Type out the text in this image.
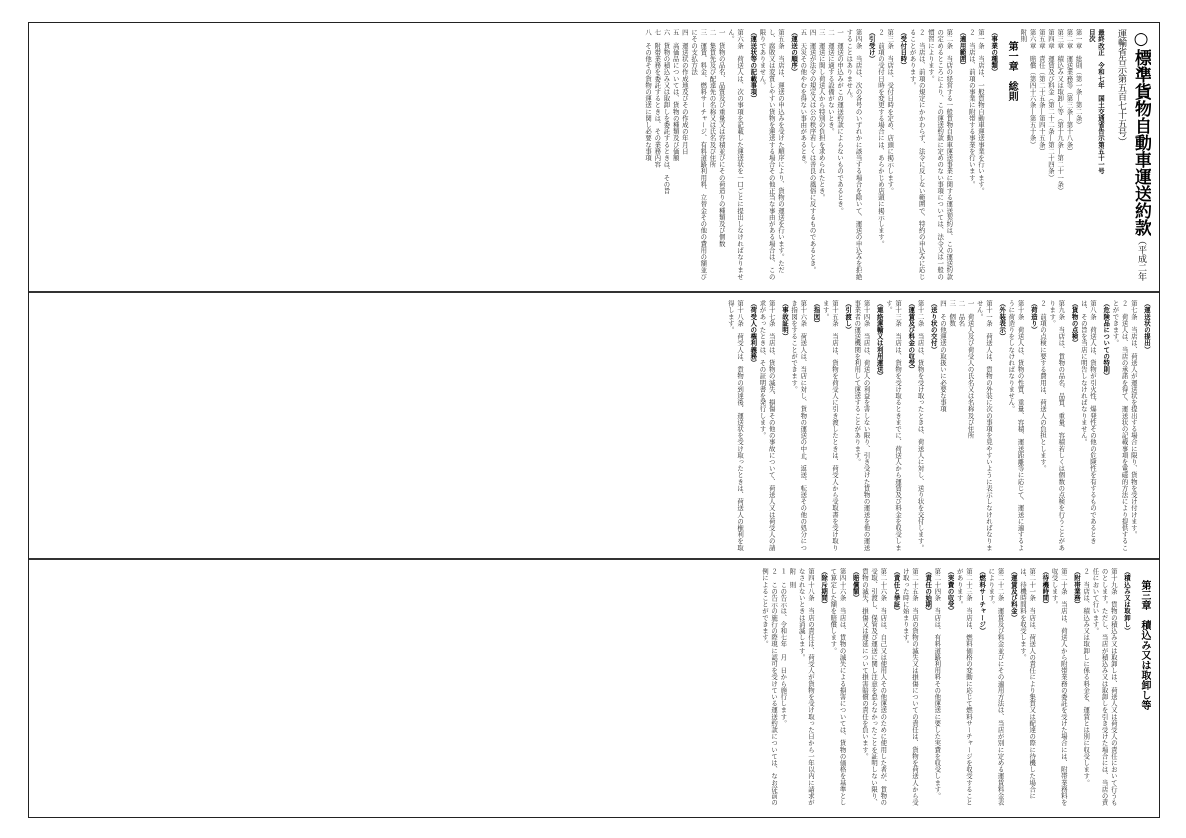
○標準貨物自動車運送約款（平成二年運輸省告示第五百七十五号）
最終改正　令和七年　国土交通省告示第五十一号
目次
第一章　総則（第一条―第二条）
第二章　運送業務等（第三条―第十八条）
第三章　積込み又は取卸し等（第十九条―第二十一条）
第四章　運賃及び料金（第二十二条―第二十四条）
第五章　責任（第二十五条―第四十五条）
第六章　賠償（第四十六条―第五十条）
附則
第一章　総則
（事業の種類）
第一条　当店は、一般貨物自動車運送事業を行います。
２　当店は、前項の事業に附帯する事業を行います。
（適用範囲）
第二条　当店の経営する一般貨物自動車運送事業に関する運送契約は、この運送約款の定めるところにより、この運送約款に定めのない事項については、法令又は一般の慣習によります。
２　当店は、前項の規定にかかわらず、法令に反しない範囲で、特約の申込みに応じることがあります。
（受付日時）
第三条　当店は、受付日時を定め、店頭に掲示します。
２　前項の受付日時を変更する場合には、あらかじめ店頭に掲示します。
（引受け）
第四条　当店は、次の各号のいずれかに該当する場合を除いて、運送の申込みを拒絶することはありません。
一　運送の申込みがこの運送約款によらないものであるとき。
二　運送に適する設備がないとき。
三　運送に関し荷送人から特別の負担を求められたとき。
四　運送が法令の規定又は公の秩序若しくは善良の風俗に反するものであるとき。
五　天災その他やむを得ない事由があるとき。
（運送の順序）
第五条　当店は、運送の申込みを受けた順序により、貨物の運送を行います。ただし、腐敗又は変質しやすい貨物を運送する場合その他正当な事由がある場合は、この限りでありません。
（運送状等の記載事項）
第六条　荷送人は、次の事項を記載した運送状を一口ごとに提出しなければなりません。
一　貨物の品名、品質及び重量又は容積並びにその荷造りの種類及び個数
二　集貨先及び配達先の名称又は氏名及び住所
三　運賃、料金、燃料サーチャージ、有料道路利用料、立替金その他の費用の額並びにその支払方法
四　運送状の作成地及びその作成の年月日
五　高価品については、貨物の種類及び価額
六　貨物の積込み又は取卸しを委託するときは、その旨
七　附帯業務を委託するときは、その業務内容
八　その他その貨物の運送に関し必要な事項
（運送状の提出）
第七条　当店は、荷送人が運送状を提出する場合に限り、貨物を受け付けます。
２　荷送人は、当店の承諾を得て、運送状の記載事項を電磁的方法により提供することができます。
（危険品についての特則）
第八条　荷送人は、貨物が引火性、爆発性その他の危険性を有するものであるときは、その旨を当店に明告しなければなりません。
（貨物の点検）
第九条　当店は、貨物の品名、品質、重量、容積若しくは個数の点検を行うことがあります。
２　前項の点検に要する費用は、荷送人の負担とします。
（荷造り）
第十条　荷送人は、貨物の性質、重量、容積、運送距離等に応じて、運送に適するように荷造りをしなければなりません。
（外装表示）
第十一条　荷送人は、貨物の外装に次の事項を見やすいように表示しなければなりません。
一　荷送人及び荷受人の氏名又は名称及び住所
二　品名
三　個数
四　その他運送の取扱いに必要な事項
（送り状の交付）
第十二条　当店は、貨物を受け取ったときは、荷送人に対し、送り状を交付します。
（運賃及び料金の収受）
第十三条　当店は、貨物を受け取るときまでに、荷送人から運賃及び料金を収受します。
（連絡運輸又は利用運送）
第十四条　当店は、荷送人の利益を害しない限り、引き受けた貨物の運送を他の運送事業者の運送機関を利用して運送することがあります。
（引渡し）
第十五条　当店は、貨物を荷受人に引き渡したときは、荷受人から受取書を受け取ります。
（指図）
第十六条　荷送人は、当店に対し、貨物の運送の中止、返送、転送その他の処分につき指図をすることができます。
（事故証明）
第十七条　当店は、貨物の滅失、損傷その他の事故について、荷送人又は荷受人の請求があったときは、その証明書を発行します。
（荷受人の権利義務）
第十八条　荷受人は、貨物の到達後、運送状を受け取ったときは、荷送人の権利を取得します。
第三章　積込み又は取卸し等
（積込み又は取卸し）
第十九条　貨物の積込み又は取卸しは、荷送人又は荷受人の責任において行うものとします。ただし、当店が積込み又は取卸しを引き受けた場合には、当店の責任において行います。
２　当店は、積込み又は取卸しに係る料金を、運賃とは別に収受します。
（附帯業務）
第二十条　当店は、荷送人から附帯業務の委託を受けた場合には、附帯業務料を収受します。
（待機時間）
第二十一条　当店は、荷送人の責任により集貨又は配達の際に待機した場合には、待機時間料を収受します。
（運賃及び料金）
第二十二条　運賃及び料金並びにその適用方法は、当店が別に定める運賃料金表によります。
（燃料サーチャージ）
第二十三条　当店は、燃料価格の変動に応じて燃料サーチャージを収受することがあります。
（実費の収受）
第二十四条　当店は、有料道路利用料その他運送に要した実費を収受します。
（責任の始期）
第二十五条　当店の貨物の滅失又は損傷についての責任は、貨物を荷送人から受け取った時に始まります。
（責任と挙証）
第二十六条　当店は、自己又は使用人その他運送のために使用した者が、貨物の受取、引渡し、保管及び運送に関し注意を怠らなかったことを証明しない限り、貨物の滅失、損傷又は遅延について損害賠償の責任を負います。
（賠償額）
第四十六条　当店は、貨物の滅失による損害については、貨物の価格を基準として算定した額を賠償します。
（除斥期間）
第四十八条　当店の責任は、荷受人が貨物を受け取った日から一年以内に請求がなされないときは消滅します。
附　則
１　この告示は、令和七年　月　日から施行します。
２　この告示の施行の際現に認可を受けている運送約款については、なお従前の例によることができます。
